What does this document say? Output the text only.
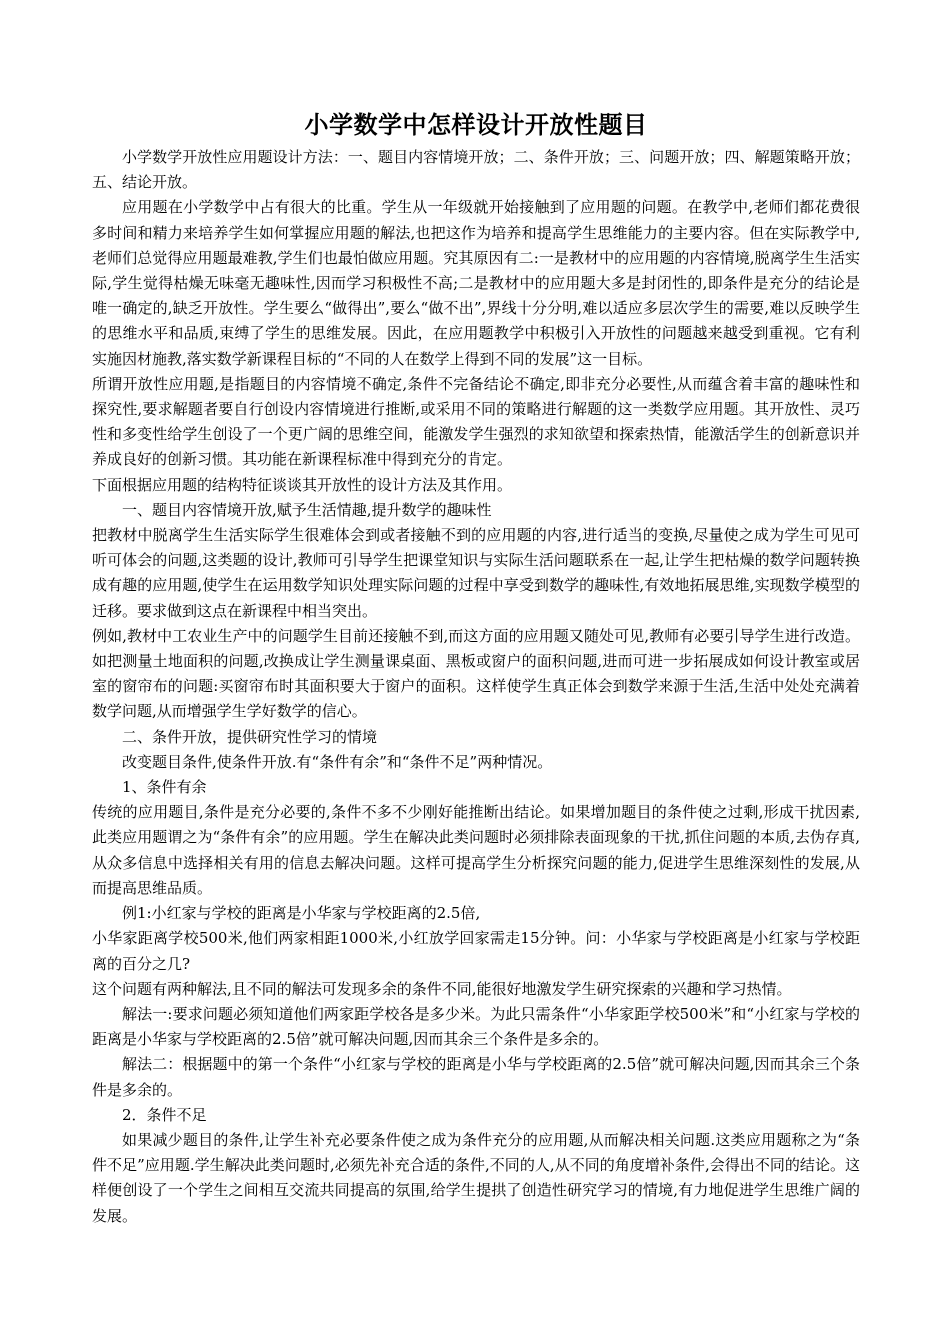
小学数学中怎样设计开放性题目

小学数学开放性应用题设计方法：一、题目内容情境开放；二、条件开放；三、问题开放；四、解题策略开放；五、结论开放。

应用题在小学数学中占有很大的比重。学生从一年级就开始接触到了应用题的问题。在教学中,老师们都花费很多时间和精力来培养学生如何掌握应用题的解法,也把这作为培养和提高学生思维能力的主要内容。但在实际教学中,老师们总觉得应用题最难教,学生们也最怕做应用题。究其原因有二:一是教材中的应用题的内容情境,脱离学生生活实际,学生觉得枯燥无味毫无趣味性,因而学习积极性不高;二是教材中的应用题大多是封闭性的,即条件是充分的结论是唯一确定的,缺乏开放性。学生要么“做得出”,要么“做不出”,界线十分分明,难以适应多层次学生的需要,难以反映学生的思维水平和品质,束缚了学生的思维发展。因此，在应用题教学中积极引入开放性的问题越来越受到重视。它有利实施因材施教,落实数学新课程目标的“不同的人在数学上得到不同的发展”这一目标。

所谓开放性应用题,是指题目的内容情境不确定,条件不完备结论不确定,即非充分必要性,从而蕴含着丰富的趣味性和探究性,要求解题者要自行创设内容情境进行推断,或采用不同的策略进行解题的这一类数学应用题。其开放性、灵巧性和多变性给学生创设了一个更广阔的思维空间，能激发学生强烈的求知欲望和探索热情，能激活学生的创新意识并养成良好的创新习惯。其功能在新课程标准中得到充分的肯定。

下面根据应用题的结构特征谈谈其开放性的设计方法及其作用。

一、题目内容情境开放,赋予生活情趣,提升数学的趣味性

把教材中脱离学生生活实际学生很难体会到或者接触不到的应用题的内容,进行适当的变换,尽量使之成为学生可见可听可体会的问题,这类题的设计,教师可引导学生把课堂知识与实际生活问题联系在一起,让学生把枯燥的数学问题转换成有趣的应用题,使学生在运用数学知识处理实际问题的过程中享受到数学的趣味性,有效地拓展思维,实现数学模型的迁移。要求做到这点在新课程中相当突出。

例如,教材中工农业生产中的问题学生目前还接触不到,而这方面的应用题又随处可见,教师有必要引导学生进行改造。如把测量土地面积的问题,改换成让学生测量课桌面、黑板或窗户的面积问题,进而可进一步拓展成如何设计教室或居室的窗帘布的问题:买窗帘布时其面积要大于窗户的面积。这样使学生真正体会到数学来源于生活,生活中处处充满着数学问题,从而增强学生学好数学的信心。

二、条件开放，提供研究性学习的情境

改变题目条件,使条件开放.有“条件有余”和“条件不足”两种情况。

1、条件有余

传统的应用题目,条件是充分必要的,条件不多不少刚好能推断出结论。如果增加题目的条件使之过剩,形成干扰因素,此类应用题谓之为“条件有余”的应用题。学生在解决此类问题时必须排除表面现象的干扰,抓住问题的本质,去伪存真,从众多信息中选择相关有用的信息去解决问题。这样可提高学生分析探究问题的能力,促进学生思维深刻性的发展,从而提高思维品质。

例1:小红家与学校的距离是小华家与学校距离的2.5倍,

小华家距离学校500米,他们两家相距1000米,小红放学回家需走15分钟。问：小华家与学校距离是小红家与学校距离的百分之几?

这个问题有两种解法,且不同的解法可发现多余的条件不同,能很好地激发学生研究探索的兴趣和学习热情。

解法一:要求问题必须知道他们两家距学校各是多少米。为此只需条件“小华家距学校500米”和“小红家与学校的距离是小华家与学校距离的2.5倍”就可解决问题,因而其余三个条件是多余的。

解法二：根据题中的第一个条件“小红家与学校的距离是小华与学校距离的2.5倍”就可解决问题,因而其余三个条件是多余的。

2．条件不足

如果减少题目的条件,让学生补充必要条件使之成为条件充分的应用题,从而解决相关问题.这类应用题称之为“条件不足”应用题.学生解决此类问题时,必须先补充合适的条件,不同的人,从不同的角度增补条件,会得出不同的结论。这样便创设了一个学生之间相互交流共同提高的氛围,给学生提拱了创造性研究学习的情境,有力地促进学生思维广阔的发展。
